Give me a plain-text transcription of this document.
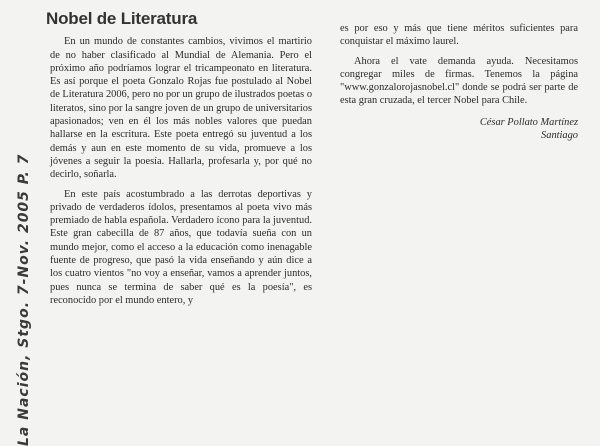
La Nación, Stgo. 7-Nov. 2005 P. 7
Nobel de Literatura

En un mundo de constantes cambios, vivimos el martirio de no haber clasificado al Mundial de Alemania. Pero el próximo año podríamos lograr el tricampeonato en literatura. Es así porque el poeta Gonzalo Rojas fue postulado al Nobel de Literatura 2006, pero no por un grupo de ilustrados poetas o literatos, sino por la sangre joven de un grupo de universitarios apasionados; ven en él los más nobles valores que puedan hallarse en la escritura. Este poeta entregó su juventud a los demás y aun en este momento de su vida, promueve a los jóvenes a seguir la poesía. Hallarla, profesarla y, por qué no decirlo, soñarla.

En este país acostumbrado a las derrotas deportivas y privado de verdaderos ídolos, presentamos al poeta vivo más premiado de habla española. Verdadero ícono para la juventud. Este gran cabecilla de 87 años, que todavía sueña con un mundo mejor, como el acceso a la educación como inenagable fuente de progreso, que pasó la vida enseñando y aún dice a los cuatro vientos "no voy a enseñar, vamos a aprender juntos, pues nunca se termina de saber qué es la poesía", es reconocido por el mundo entero, y

es por eso y más que tiene méritos suficientes para conquistar el máximo laurel.

Ahora el vate demanda ayuda. Necesitamos congregar miles de firmas. Tenemos la página "www.gonzalorojasnobel.cl" donde se podrá ser parte de esta gran cruzada, el tercer Nobel para Chile.

César Pollato Martínez
Santiago
